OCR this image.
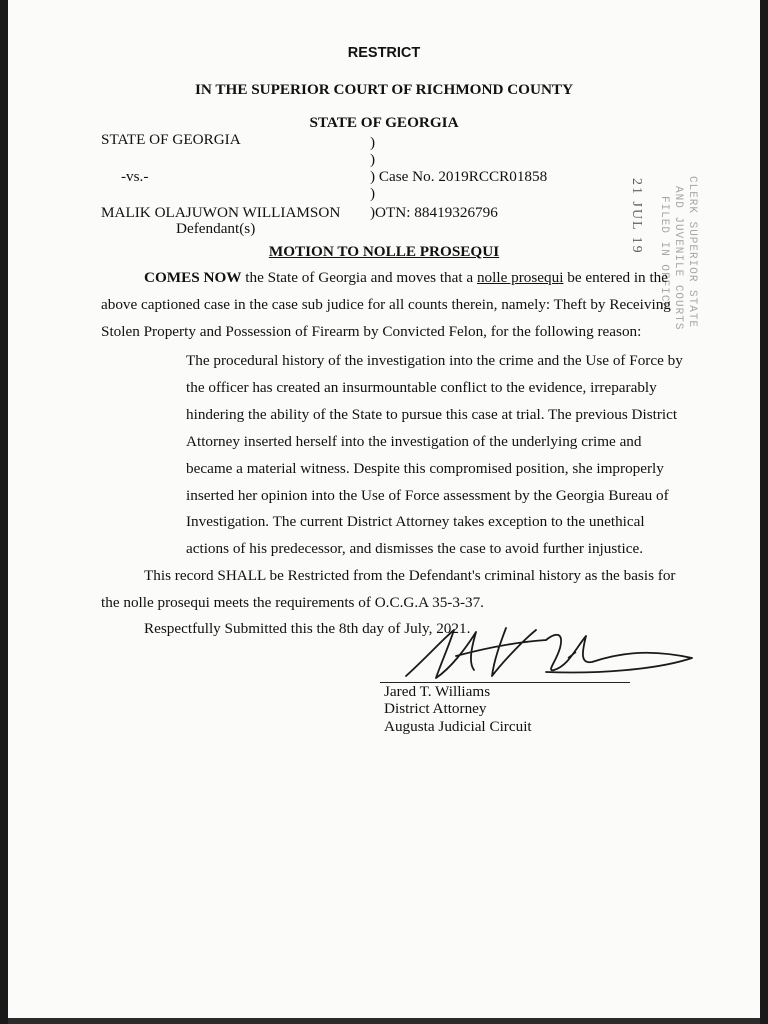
RESTRICT
IN THE SUPERIOR COURT OF RICHMOND COUNTY
STATE OF GEORGIA
STATE OF GEORGIA	)
)
-vs.-	) Case No. 2019RCCR01858
)
MALIK OLAJUWON WILLIAMSON )OTN: 88419326796
Defendant(s)	21 JUL 19	CLERK SUPERIOR STATE
AND JUVENILE COURTS
FILED IN OFFICE
MOTION TO NOLLE PROSEQUI
COMES NOW the State of Georgia and moves that a nolle prosequi be entered in the
above captioned case in the case sub judice for all counts therein, namely: Theft by Receiving
Stolen Property and Possession of Firearm by Convicted Felon, for the following reason:
The procedural history of the investigation into the crime and the Use of Force by
the officer has created an insurmountable conflict to the evidence, irreparably
hindering the ability of the State to pursue this case at trial. The previous District
Attorney inserted herself into the investigation of the underlying crime and
became a material witness. Despite this compromised position, she improperly
inserted her opinion into the Use of Force assessment by the Georgia Bureau of
Investigation. The current District Attorney takes exception to the unethical
actions of his predecessor, and dismisses the case to avoid further injustice.
This record SHALL be Restricted from the Defendant's criminal history as the basis for
the nolle prosequi meets the requirements of O.C.G.A 35-3-37.
Respectfully Submitted this the 8th day of July, 2021.
Jared T. Williams
District Attorney
Augusta Judicial Circuit
